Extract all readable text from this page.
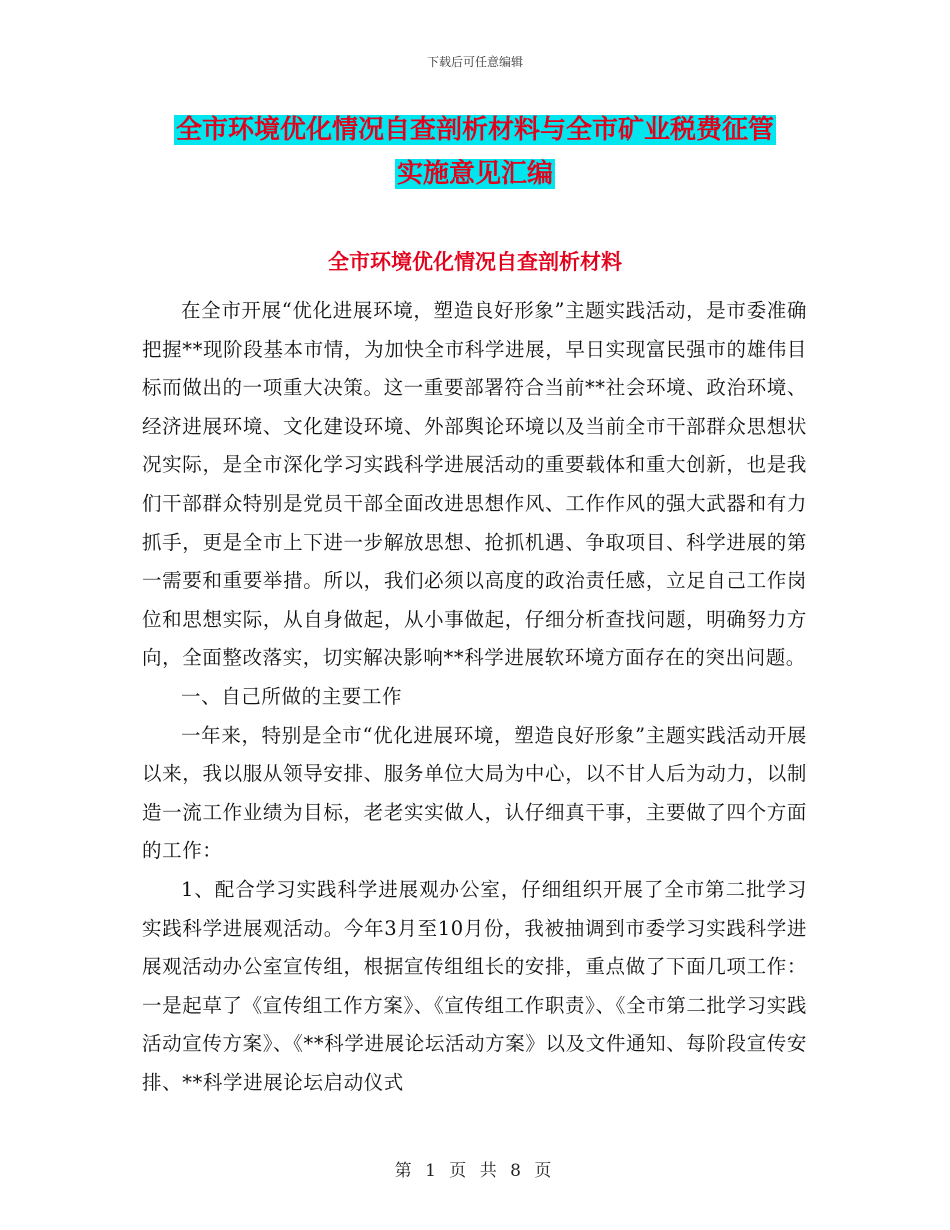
下载后可任意编辑
全市环境优化情况自查剖析材料与全市矿业税费征管
实施意见汇编
全市环境优化情况自查剖析材料

在全市开展“优化进展环境，塑造良好形象”主题实践活动，是市委准确把握**现阶段基本市情，为加快全市科学进展，早日实现富民强市的雄伟目标而做出的一项重大决策。这一重要部署符合当前**社会环境、政治环境、经济进展环境、文化建设环境、外部舆论环境以及当前全市干部群众思想状况实际，是全市深化学习实践科学进展活动的重要载体和重大创新，也是我们干部群众特别是党员干部全面改进思想作风、工作作风的强大武器和有力抓手，更是全市上下进一步解放思想、抢抓机遇、争取项目、科学进展的第一需要和重要举措。所以，我们必须以高度的政治责任感，立足自己工作岗位和思想实际，从自身做起，从小事做起，仔细分析查找问题，明确努力方向，全面整改落实，切实解决影响**科学进展软环境方面存在的突出问题。

一、自己所做的主要工作

一年来，特别是全市“优化进展环境，塑造良好形象”主题实践活动开展以来，我以服从领导安排、服务单位大局为中心，以不甘人后为动力，以制造一流工作业绩为目标，老老实实做人，认仔细真干事，主要做了四个方面的工作：

1、配合学习实践科学进展观办公室，仔细组织开展了全市第二批学习实践科学进展观活动。今年3月至10月份，我被抽调到市委学习实践科学进展观活动办公室宣传组，根据宣传组组长的安排，重点做了下面几项工作：一是起草了《宣传组工作方案》、《宣传组工作职责》、《全市第二批学习实践活动宣传方案》、《**科学进展论坛活动方案》以及文件通知、每阶段宣传安排、**科学进展论坛启动仪式

第 1 页 共 8 页
